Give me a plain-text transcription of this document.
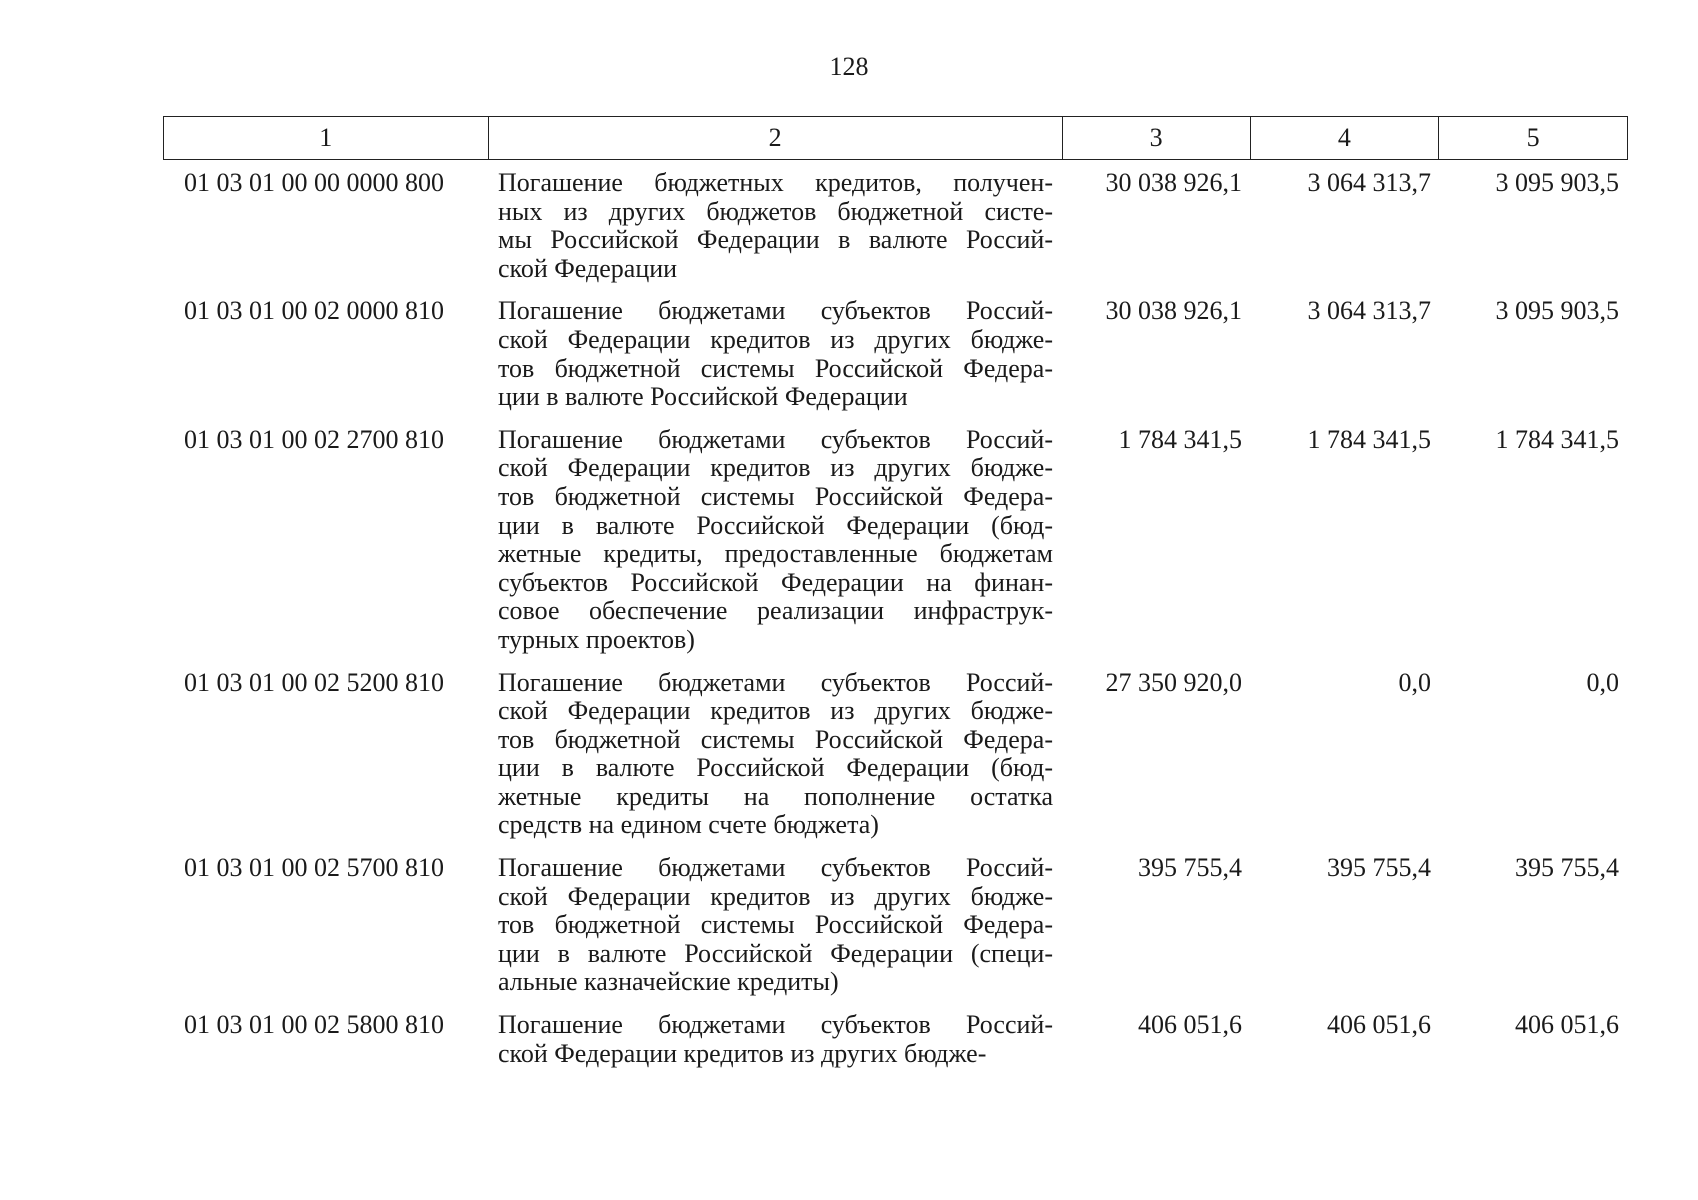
128
1	2	3	4	5
01 03 01 00 00 0000 800	Погашение бюджетных кредитов, получен-
ных из других бюджетов бюджетной систе-
мы Российской Федерации в валюте Россий-
ской Федерации
30 038 926,1	3 064 313,7	3 095 903,5
01 03 01 00 02 0000 810	Погашение бюджетами субъектов Россий-
ской Федерации кредитов из других бюдже-
тов бюджетной системы Российской Федера-
ции в валюте Российской Федерации
30 038 926,1	3 064 313,7	3 095 903,5
01 03 01 00 02 2700 810	Погашение бюджетами субъектов Россий-
ской Федерации кредитов из других бюдже-
тов бюджетной системы Российской Федера-
ции в валюте Российской Федерации (бюд-
жетные кредиты, предоставленные бюджетам
субъектов Российской Федерации на финан-
совое обеспечение реализации инфраструк-
турных проектов)
1 784 341,5	1 784 341,5	1 784 341,5
01 03 01 00 02 5200 810	Погашение бюджетами субъектов Россий-
ской Федерации кредитов из других бюдже-
тов бюджетной системы Российской Федера-
ции в валюте Российской Федерации (бюд-
жетные кредиты на пополнение остатка
средств на едином счете бюджета)
27 350 920,0	0,0	0,0
01 03 01 00 02 5700 810	Погашение бюджетами субъектов Россий-
ской Федерации кредитов из других бюдже-
тов бюджетной системы Российской Федера-
ции в валюте Российской Федерации (специ-
альные казначейские кредиты)
395 755,4	395 755,4	395 755,4
01 03 01 00 02 5800 810	Погашение бюджетами субъектов Россий-
ской Федерации кредитов из других бюдже-
406 051,6	406 051,6	406 051,6
